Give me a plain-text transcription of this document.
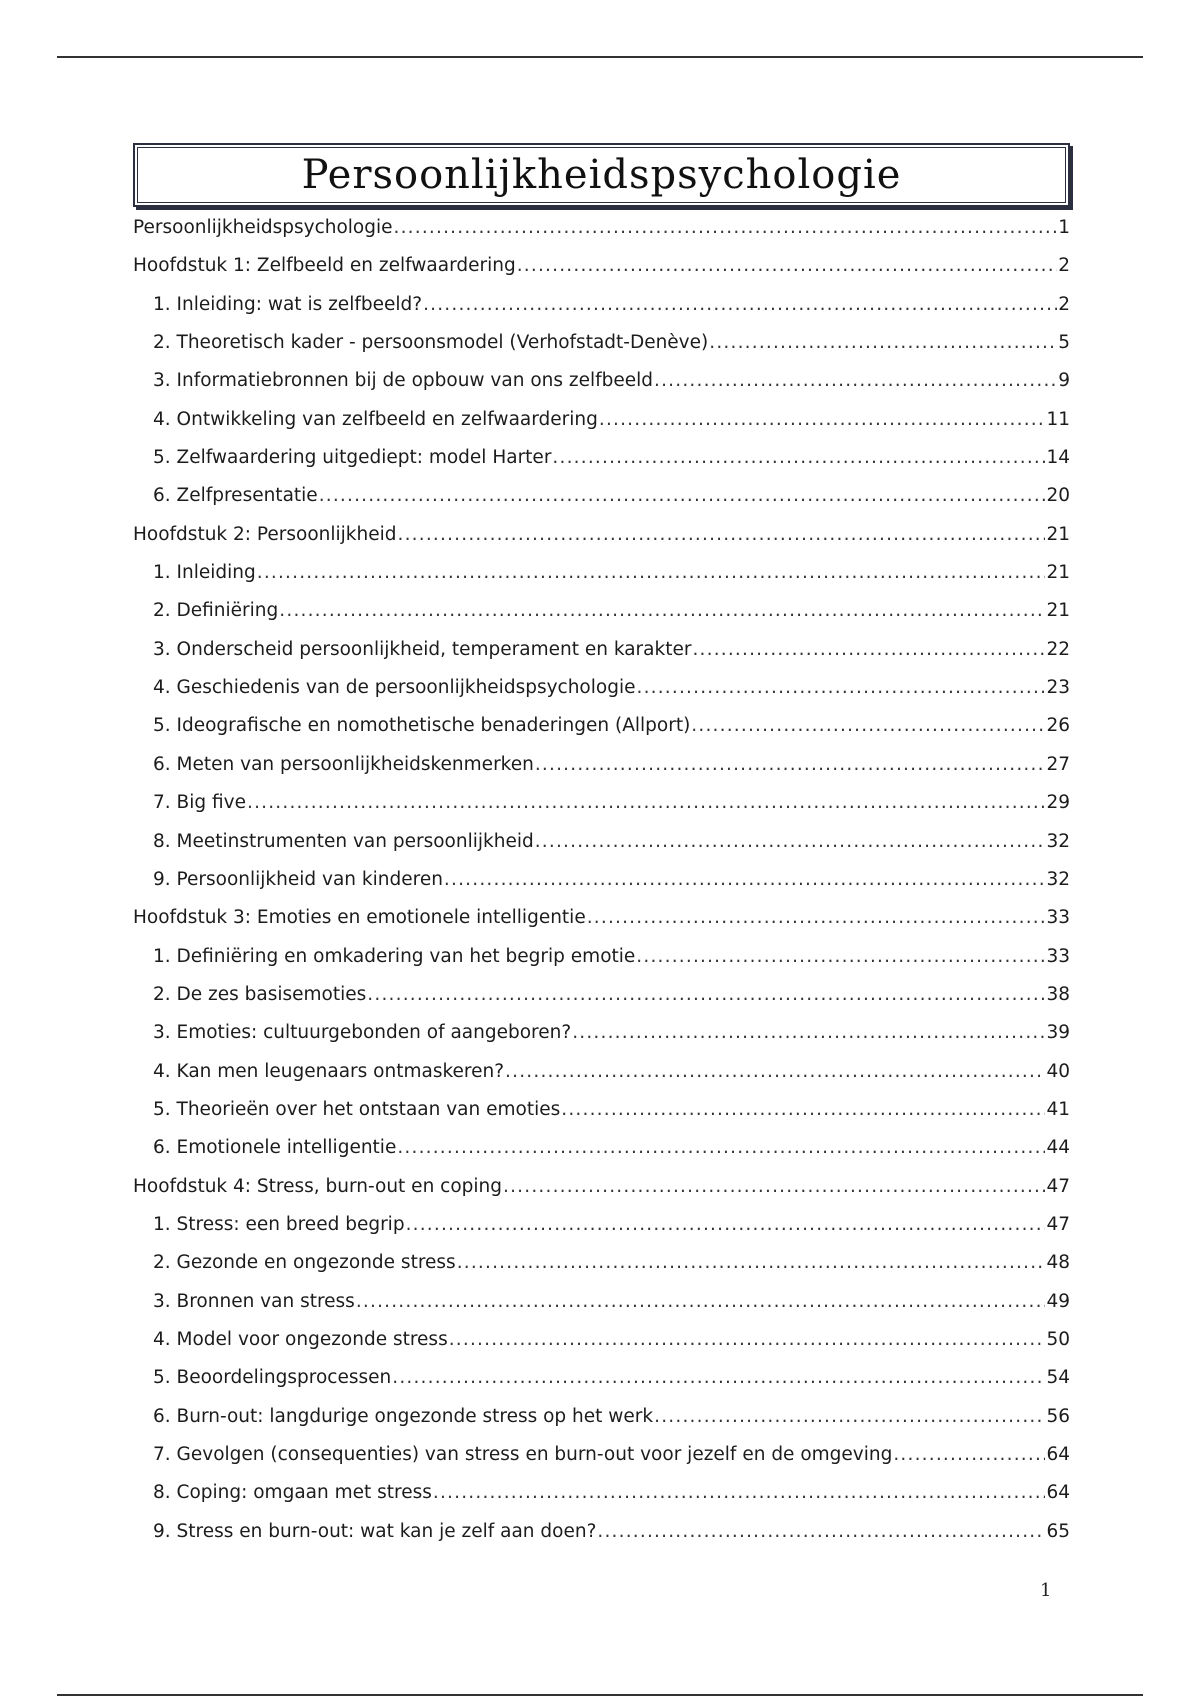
Persoonlijkheidspsychologie
Persoonlijkheidspsychologie .....	1
Hoofdstuk 1: Zelfbeeld en zelfwaardering .....	2
1. Inleiding: wat is zelfbeeld? .....	2
2. Theoretisch kader - persoonsmodel (Verhofstadt-Denève) .....	5
3. Informatiebronnen bij de opbouw van ons zelfbeeld .....	9
4. Ontwikkeling van zelfbeeld en zelfwaardering .....	11
5. Zelfwaardering uitgediept: model Harter .....	14
6. Zelfpresentatie .....	20
Hoofdstuk 2: Persoonlijkheid .....	21
1. Inleiding .....	21
2. Definiëring .....	21
3. Onderscheid persoonlijkheid, temperament en karakter .....	22
4. Geschiedenis van de persoonlijkheidspsychologie .....	23
5. Ideografische en nomothetische benaderingen (Allport) .....	26
6. Meten van persoonlijkheidskenmerken .....	27
7. Big five .....	29
8. Meetinstrumenten van persoonlijkheid .....	32
9. Persoonlijkheid van kinderen .....	32
Hoofdstuk 3: Emoties en emotionele intelligentie .....	33
1. Definiëring en omkadering van het begrip emotie .....	33
2. De zes basisemoties .....	38
3. Emoties: cultuurgebonden of aangeboren? .....	39
4. Kan men leugenaars ontmaskeren? .....	40
5. Theorieën over het ontstaan van emoties .....	41
6. Emotionele intelligentie .....	44
Hoofdstuk 4: Stress, burn-out en coping .....	47
1. Stress: een breed begrip .....	47
2. Gezonde en ongezonde stress .....	48
3. Bronnen van stress .....	49
4. Model voor ongezonde stress .....	50
5. Beoordelingsprocessen .....	54
6. Burn-out: langdurige ongezonde stress op het werk .....	56
7. Gevolgen (consequenties) van stress en burn-out voor jezelf en de omgeving .....	64
8. Coping: omgaan met stress .....	64
9. Stress en burn-out: wat kan je zelf aan doen? .....	65
1
